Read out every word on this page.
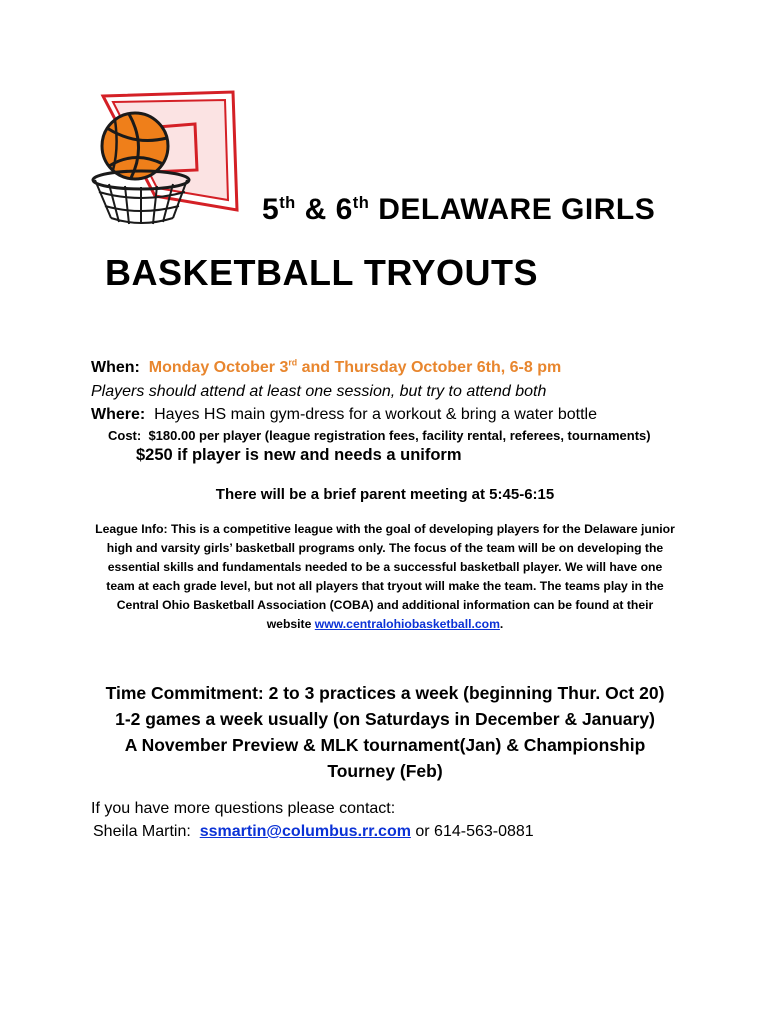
5th & 6th DELAWARE GIRLS
BASKETBALL TRYOUTS
When: Monday October 3rd and Thursday October 6th, 6-8 pm
Players should attend at least one session, but try to attend both
Where: Hayes HS main gym-dress for a workout & bring a water bottle
Cost: $180.00 per player (league registration fees, facility rental, referees, tournaments)
$250 if player is new and needs a uniform
There will be a brief parent meeting at 5:45-6:15
League Info: This is a competitive league with the goal of developing players for the Delaware junior high and varsity girls’ basketball programs only. The focus of the team will be on developing the essential skills and fundamentals needed to be a successful basketball player. We will have one team at each grade level, but not all players that tryout will make the team. The teams play in the Central Ohio Basketball Association (COBA) and additional information can be found at their website www.centralohiobasketball.com.
Time Commitment: 2 to 3 practices a week (beginning Thur. Oct 20)
1-2 games a week usually (on Saturdays in December & January)
A November Preview & MLK tournament(Jan) & Championship
Tourney (Feb)
If you have more questions please contact:
Sheila Martin: ssmartin@columbus.rr.com or 614-563-0881
